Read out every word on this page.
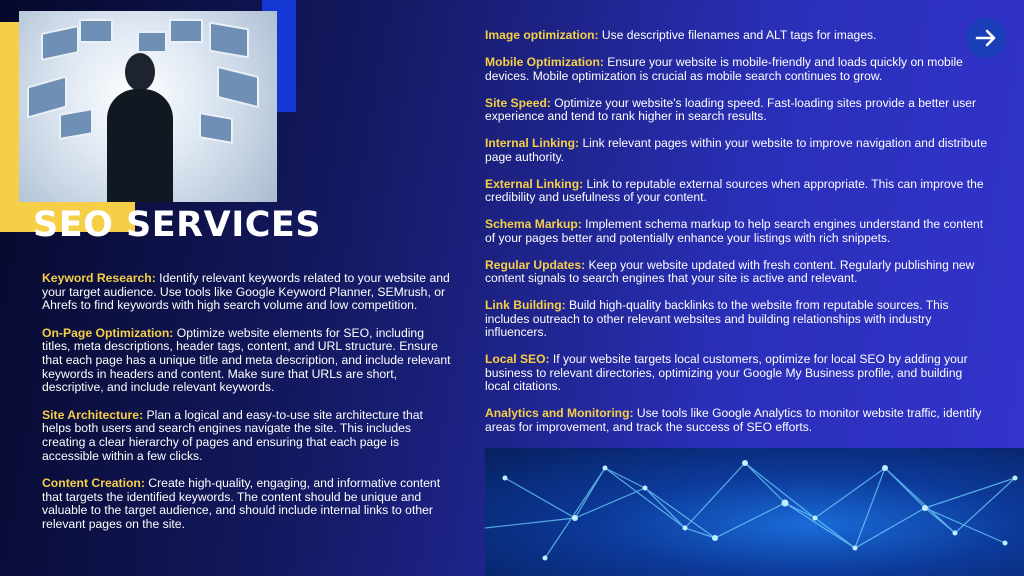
SEO SERVICES

Keyword Research: Identify relevant keywords related to your website and your target audience. Use tools like Google Keyword Planner, SEMrush, or Ahrefs to find keywords with high search volume and low competition.

On-Page Optimization: Optimize website elements for SEO, including titles, meta descriptions, header tags, content, and URL structure. Ensure that each page has a unique title and meta description, and include relevant keywords in headers and content. Make sure that URLs are short, descriptive, and include relevant keywords.

Site Architecture: Plan a logical and easy-to-use site architecture that helps both users and search engines navigate the site. This includes creating a clear hierarchy of pages and ensuring that each page is accessible within a few clicks.

Content Creation: Create high-quality, engaging, and informative content that targets the identified keywords. The content should be unique and valuable to the target audience, and should include internal links to other relevant pages on the site.

Image optimization: Use descriptive filenames and ALT tags for images.

Mobile Optimization: Ensure your website is mobile-friendly and loads quickly on mobile devices. Mobile optimization is crucial as mobile search continues to grow.

Site Speed: Optimize your website's loading speed. Fast-loading sites provide a better user experience and tend to rank higher in search results.

Internal Linking: Link relevant pages within your website to improve navigation and distribute page authority.

External Linking: Link to reputable external sources when appropriate. This can improve the credibility and usefulness of your content.

Schema Markup: Implement schema markup to help search engines understand the content of your pages better and potentially enhance your listings with rich snippets.

Regular Updates: Keep your website updated with fresh content. Regularly publishing new content signals to search engines that your site is active and relevant.

Link Building: Build high-quality backlinks to the website from reputable sources. This includes outreach to other relevant websites and building relationships with industry influencers.

Local SEO: If your website targets local customers, optimize for local SEO by adding your business to relevant directories, optimizing your Google My Business profile, and building local citations.

Analytics and Monitoring: Use tools like Google Analytics to monitor website traffic, identify areas for improvement, and track the success of SEO efforts.
